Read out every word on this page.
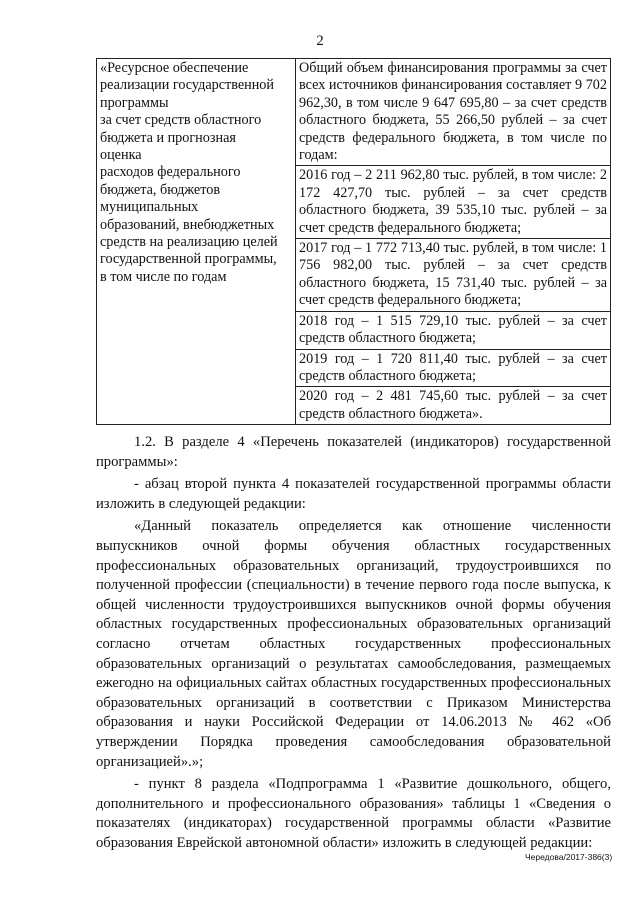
2
«Ресурсное обеспечение
реализации государственной
программы
за счет средств областного
бюджета и прогнозная
оценка
расходов федерального
бюджета, бюджетов
муниципальных
образований, внебюджетных
средств на реализацию целей
государственной программы,
в том числе по годам
	Общий объем финансирования программы за счет всех источников финансирования составляет 9 702 962,30, в том числе 9 647 695,80 – за счет средств областного бюджета, 55 266,50 рублей – за счет средств федерального бюджета, в том числе по годам:
2016 год – 2 211 962,80 тыс. рублей, в том числе: 2 172 427,70 тыс. рублей – за счет средств областного бюджета, 39 535,10 тыс. рублей – за счет средств федерального бюджета;
2017 год – 1 772 713,40 тыс. рублей, в том числе: 1 756 982,00 тыс. рублей – за счет средств областного бюджета, 15 731,40 тыс. рублей – за счет средств федерального бюджета;
2018 год – 1 515 729,10 тыс. рублей – за счет средств областного бюджета;
2019 год – 1 720 811,40 тыс. рублей – за счет средств областного бюджета;
2020 год – 2 481 745,60 тыс. рублей – за счет средств областного бюджета».

1.2. В разделе 4 «Перечень показателей (индикаторов) государственной программы»:

- абзац второй пункта 4 показателей государственной программы области изложить в следующей редакции:

«Данный показатель определяется как отношение численности выпускников очной формы обучения областных государственных профессиональных образовательных организаций, трудоустроившихся по полученной профессии (специальности) в течение первого года после выпуска, к общей численности трудоустроившихся выпускников очной формы обучения областных государственных профессиональных образовательных организаций согласно отчетам областных государственных профессиональных образовательных организаций о результатах самообследования, размещаемых ежегодно на официальных сайтах областных государственных профессиональных образовательных организаций в соответствии с Приказом Министерства образования и науки Российской Федерации от 14.06.2013 № 462 «Об утверждении Порядка проведения самообследования образовательной организацией».»;

- пункт 8 раздела «Подпрограмма 1 «Развитие дошкольного, общего, дополнительного и профессионального образования» таблицы 1 «Сведения о показателях (индикаторах) государственной программы области «Развитие образования Еврейской автономной области» изложить в следующей редакции:

Чередова/2017-386(3)
